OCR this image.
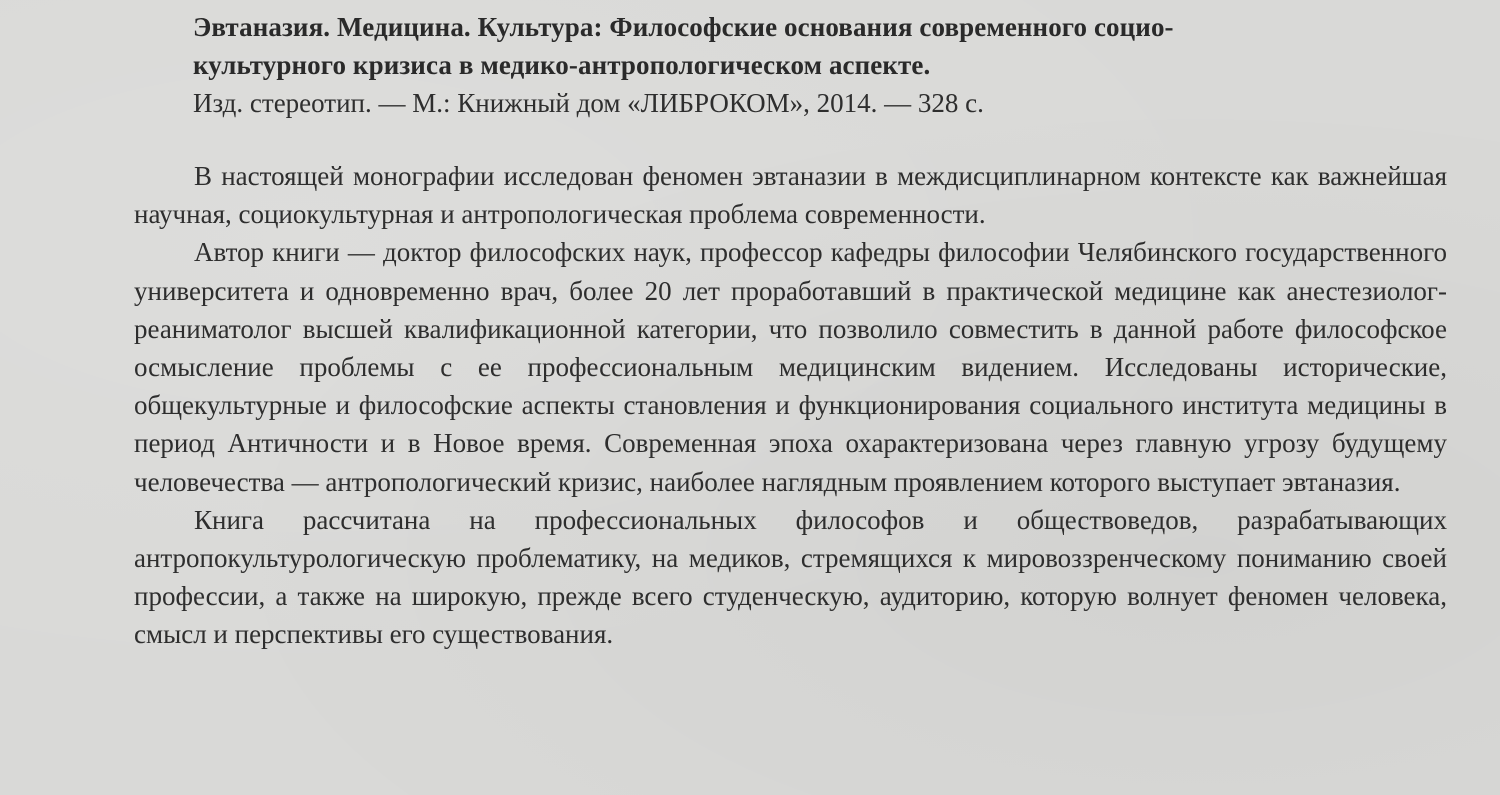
Эвтаназия. Медицина. Культура: Философские основания современного социо-
культурного кризиса в медико-антропологическом аспекте.

Изд. стереотип. — М.: Книжный дом «ЛИБРОКОМ», 2014. — 328 с.

В настоящей монографии исследован феномен эвтаназии в междисциплинарном контексте как важнейшая научная, социокультурная и антропологическая проблема современности.

Автор книги — доктор философских наук, профессор кафедры философии Челябинского государственного университета и одновременно врач, более 20 лет проработавший в практической медицине как анестезиолог-реаниматолог высшей квалификационной категории, что позволило совместить в данной работе философское осмысление проблемы с ее профессиональным медицинским видением. Исследованы исторические, общекультурные и философские аспекты становления и функционирования социального института медицины в период Античности и в Новое время. Современная эпоха охарактеризована через главную угрозу будущему человечества — антропологический кризис, наиболее наглядным проявлением которого выступает эвтаназия.

Книга рассчитана на профессиональных философов и обществоведов, разрабатывающих антропокультурологическую проблематику, на медиков, стремящихся к мировоззренческому пониманию своей профессии, а также на широкую, прежде всего студенческую, аудиторию, которую волнует феномен человека, смысл и перспективы его существования.
